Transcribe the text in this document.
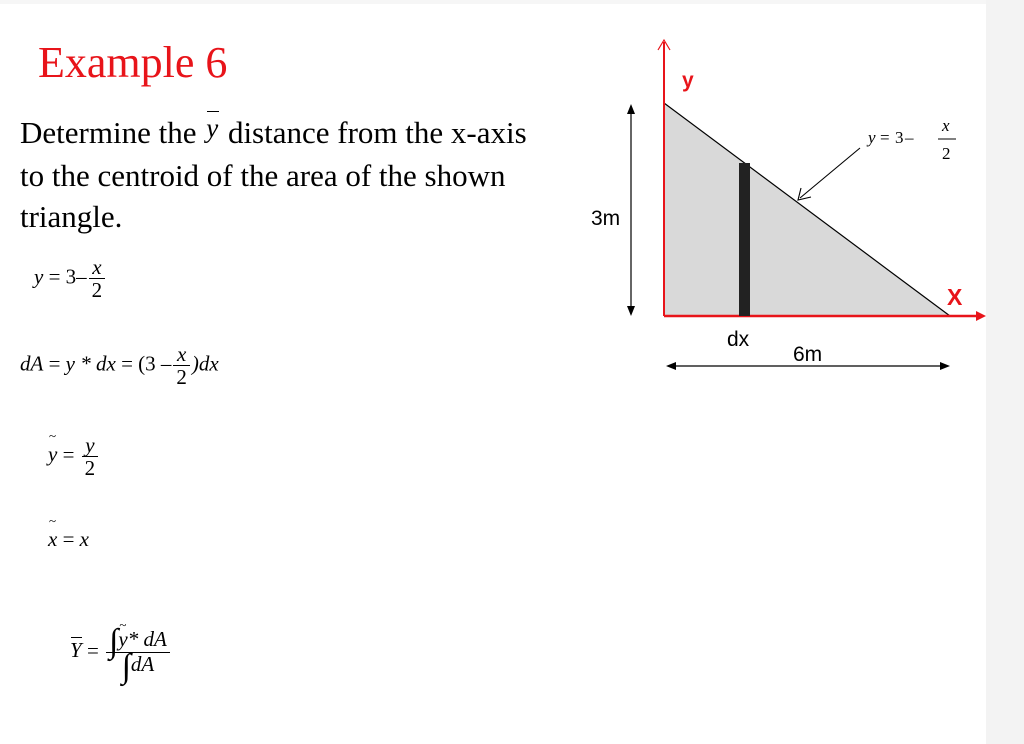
Example 6
Determine the y distance from the x-axis to the centroid of the area of the shown triangle.
$y = 3- \frac{x}{2}$
dA = y * dx = $(3 - \frac{x}{2} )dx$
~ $y = \frac{y}{2}$
~ x = x
$Y = \frac{\int\sim y* dA}{\int dA}$
y
X
3m
6m
dx
y = 3 –
x
2
